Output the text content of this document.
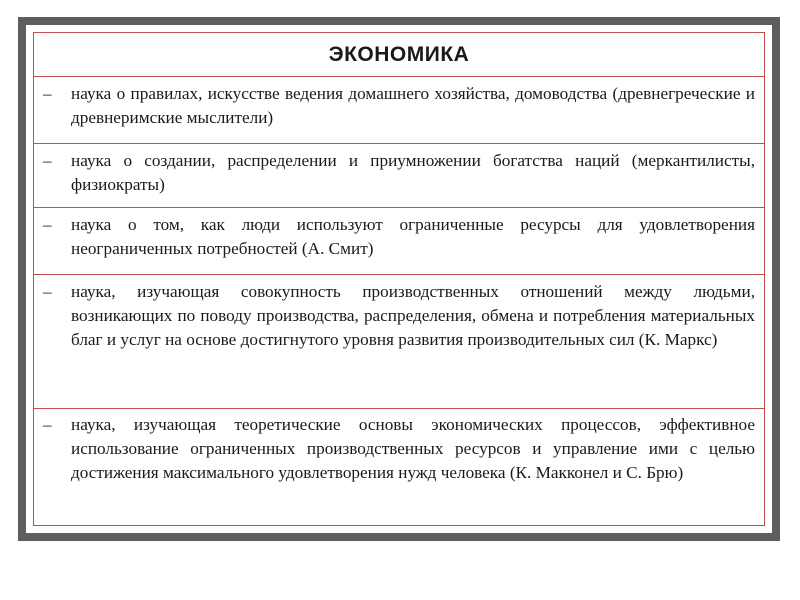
ЭКОНОМИКА
– наука о правилах, искусстве ведения домашнего хозяйства, домоводства (древнегреческие и древнеримские мыслители)
– наука о создании, распределении и приумножении богатства наций (меркантилисты, физиократы)
– наука о том, как люди используют ограниченные ресурсы для удовлетворения неограниченных потребностей (А. Смит)
– наука, изучающая совокупность производственных отношений между людьми, возникающих по поводу производства, распределения, обмена и потребления материальных благ и услуг на основе достигнутого уровня развития производительных сил (К. Маркс)
– наука, изучающая теоретические основы экономических процессов, эффективное использование ограниченных производственных ресурсов и управление ими с целью достижения максимального удовлетворения нужд человека (К. Макконел и С. Брю)
